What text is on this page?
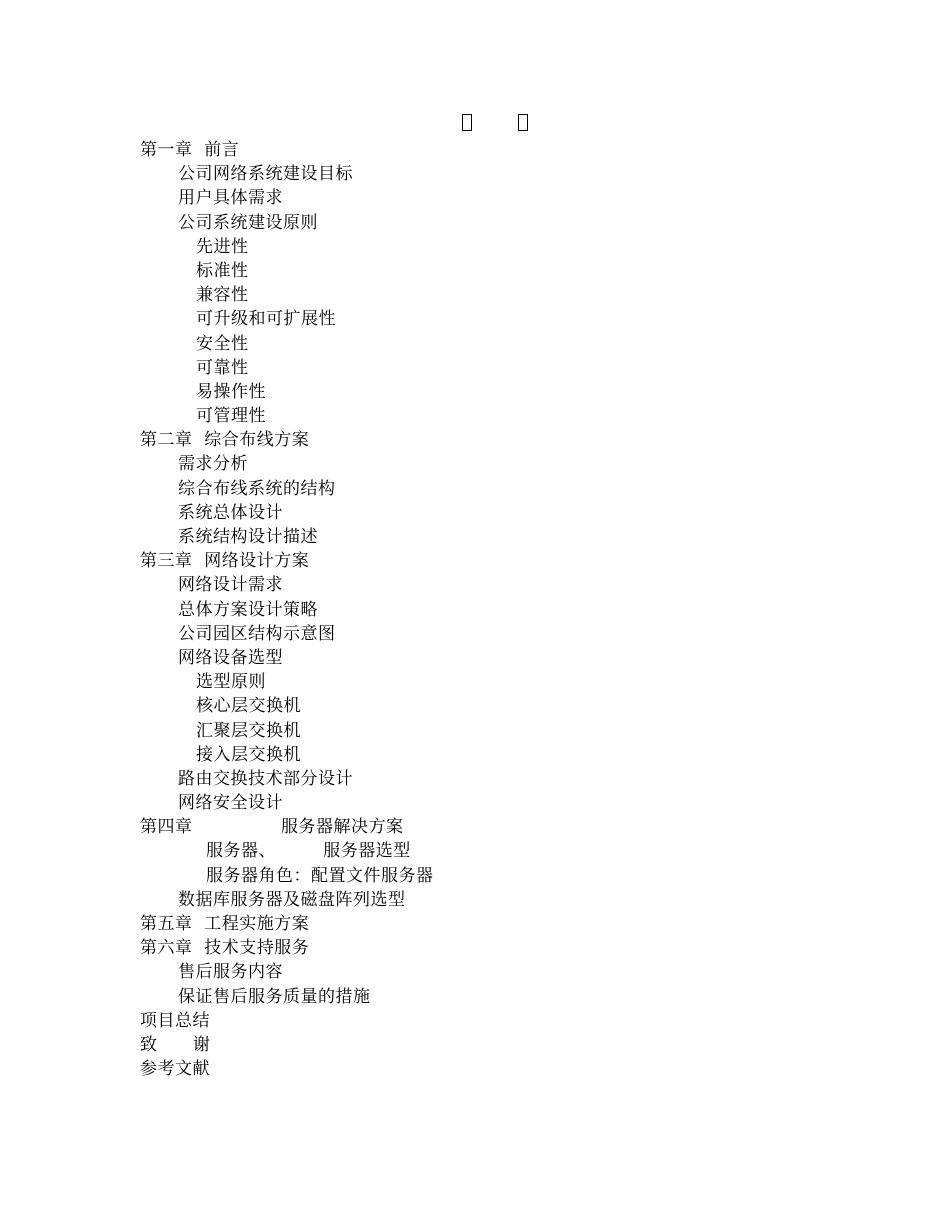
第一章  前言
公司网络系统建设目标
用户具体需求
公司系统建设原则
先进性
标准性
兼容性
可升级和可扩展性
安全性
可靠性
易操作性
可管理性
第二章  综合布线方案
需求分析
综合布线系统的结构
系统总体设计
系统结构设计描述
第三章  网络设计方案
网络设计需求
总体方案设计策略
公司园区结构示意图
网络设备选型
选型原则
核心层交换机
汇聚层交换机
接入层交换机
路由交换技术部分设计
网络安全设计
第四章               服务器解决方案
服务器、        服务器选型
服务器角色：配置文件服务器
数据库服务器及磁盘阵列选型
第五章  工程实施方案
第六章  技术支持服务
售后服务内容
保证售后服务质量的措施
项目总结
致      谢
参考文献
